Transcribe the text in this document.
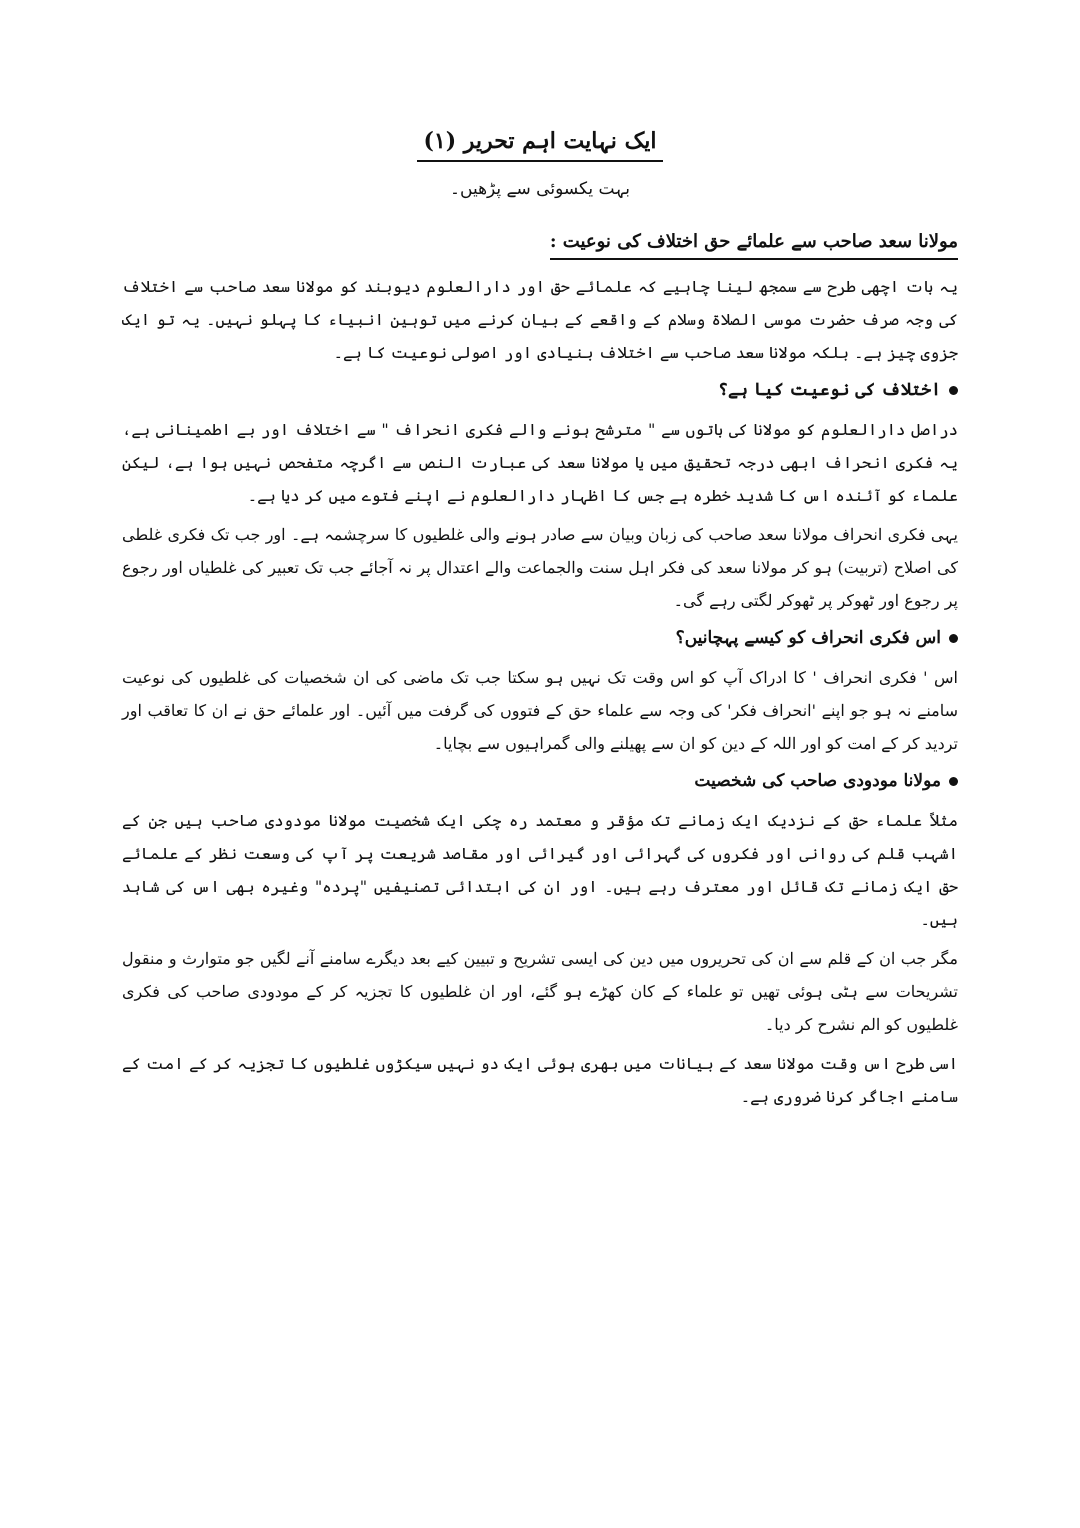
ایک نہایت اہم تحریر (۱)
بہت یکسوئی سے پڑھیں۔
مولانا سعد صاحب سے علمائے حق اختلاف کی نوعیت :

یہ بات اچھی طرح سے سمجھ لینا چاہیے کہ علمائے حق اور دارالعلوم دیوبند کو مولانا سعد صاحب سے اختلاف کی وجہ صرف حضرت موسی الصلاۃ وسلام کے واقعے کے بیان کرنے میں توہین انبیاء کا پہلو نہیں۔ یہ تو ایک جزوی چیز ہے۔ بلکہ مولانا سعد صاحب سے اختلاف بنیادی اور اصولی نوعیت کا ہے۔

اختلاف کی نوعیت کیا ہے؟

دراصل دارالعلوم کو مولانا کی باتوں سے " مترشح ہونے والے فکری انحراف " سے اختلاف اور بے اطمینانی ہے، یہ فکری انحراف ابھی درجہ تحقیق میں یا مولانا سعد کی عبارت النص سے اگرچہ متفحص نہیں ہوا ہے، لیکن علماء کو آئندہ اس کا شدید خطرہ ہے جس کا اظہار دارالعلوم نے اپنے فتوے میں کر دیا ہے۔

یہی فکری انحراف مولانا سعد صاحب کی زبان وبیان سے صادر ہونے والی غلطیوں کا سرچشمہ ہے۔ اور جب تک فکری غلطی کی اصلاح (تربیت) ہو کر مولانا سعد کی فکر اہل سنت والجماعت والے اعتدال پر نہ آجائے جب تک تعبیر کی غلطیاں اور رجوع پر رجوع اور ٹھوکر پر ٹھوکر لگتی رہے گی۔

اس فکری انحراف کو کیسے پہچانیں؟

اس ' فکری انحراف ' کا ادراک آپ کو اس وقت تک نہیں ہو سکتا جب تک ماضی کی ان شخصیات کی غلطیوں کی نوعیت سامنے نہ ہو جو اپنے 'انحراف فکر' کی وجہ سے علماء حق کے فتووں کی گرفت میں آئیں۔ اور علمائے حق نے ان کا تعاقب اور تردید کر کے امت کو اور اللہ کے دین کو ان سے پھیلنے والی گمراہیوں سے بچایا۔

مولانا مودودی صاحب کی شخصیت

مثلاً علماء حق کے نزدیک ایک زمانے تک مؤقر و معتمد رہ چکی ایک شخصیت مولانا مودودی صاحب ہیں جن کے اشہب قلم کی روانی اور فکروں کی گہرائی اور گیرائی اور مقاصد شریعت پر آپ کی وسعت نظر کے علمائے حق ایک زمانے تک قائل اور معترف رہے ہیں۔ اور ان کی ابتدائی تصنیفیں "پردہ" وغیرہ بھی اس کی شاہد ہیں۔

مگر جب ان کے قلم سے ان کی تحریروں میں دین کی ایسی تشریح و تبیین کیے بعد دیگرے سامنے آنے لگیں جو متوارث و منقول تشریحات سے ہٹی ہوئی تھیں تو علماء کے کان کھڑے ہو گئے، اور ان غلطیوں کا تجزیہ کر کے مودودی صاحب کی فکری غلطیوں کو الم نشرح کر دیا۔

اسی طرح اس وقت مولانا سعد کے بیانات میں بھری ہوئی ایک دو نہیں سیکڑوں غلطیوں کا تجزیہ کر کے امت کے سامنے اجاگر کرنا ضروری ہے۔
